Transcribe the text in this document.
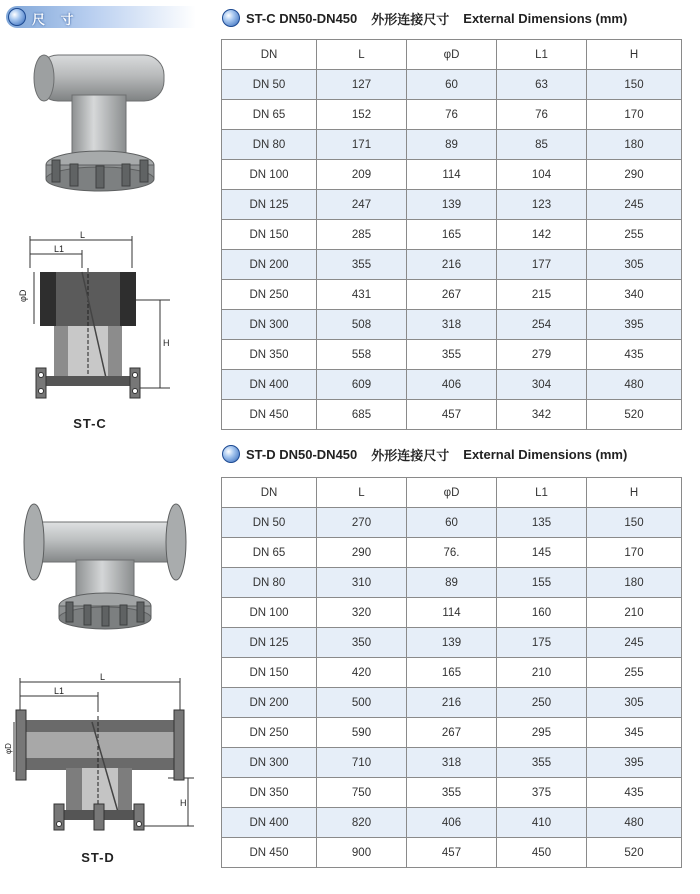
尺 寸	ST-C DN50-DN450 外形连接尺寸 External Dimensions (mm)
DN	L	φD	L1	H
DN 50	127	60	63	150
DN 65	152	76	76	170
DN 80	171	89	85	180
DN 100	209	114	104	290
DN 125	247	139	123	245
DN 150	285	165	142	255
DN 200	355	216	177	305
DN 250	431	267	215	340
DN 300	508	318	254	395
DN 350	558	355	279	435
DN 400	609	406	304	480
DN 450	685	457	342	520
ST-D DN50-DN450 外形连接尺寸 External Dimensions (mm)
DN	L	φD	L1	H
DN 50	270	60	135	150
DN 65	290	76.	145	170
DN 80	310	89	155	180
DN 100	320	114	160	210
DN 125	350	139	175	245
DN 150	420	165	210	255
DN 200	500	216	250	305
DN 250	590	267	295	345
DN 300	710	318	355	395
DN 350	750	355	375	435
DN 400	820	406	410	480
DN 450	900	457	450	520
L
L1
φD
H
ST-C
L
L1
φD
H
ST-D
